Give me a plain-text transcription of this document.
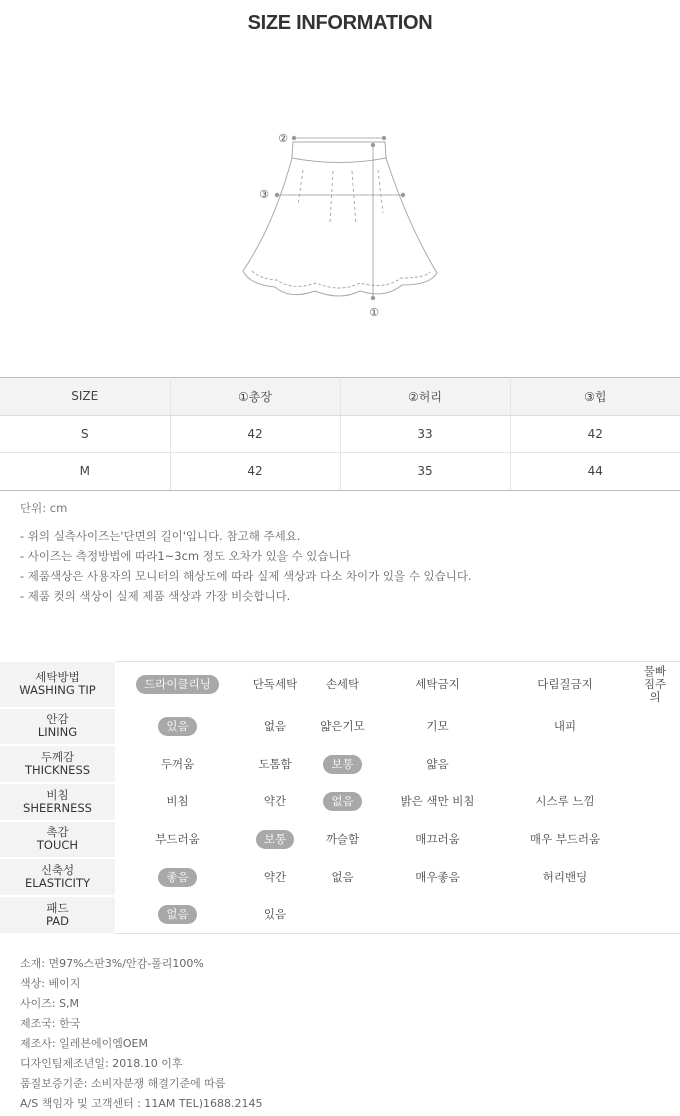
SIZE INFORMATION
②
③
①
SIZE	①총장	②허리	③힙
S	42	33	42
M	42	35	44
단위: cm
- 위의 실측사이즈는'단면의 길이'입니다. 참고해 주세요.
- 사이즈는 측정방법에 따라1~3cm 정도 오차가 있을 수 있습니다
- 제품색상은 사용자의 모니터의 해상도에 따라 실제 색상과 다소 차이가 있을 수 있습니다.
- 제품 컷의 색상이 실제 제품 색상과 가장 비슷합니다.
세탁방법
WASHING TIP	드라이클리닝	단독세탁	손세탁	세탁금지	다림질금지	물빠짐주의

안감
LINING	있음	없음	얇은기모	기모	내피	

두께감
THICKNESS	두꺼움	도톰함	보통	얇음		

비침
SHEERNESS	비침	약간	없음	밝은 색만 비침	시스루 느낌	

촉감
TOUCH	부드러움	보통	까슬함	매끄러움	매우 부드러움	

신축성
ELASTICITY	좋음	약간	없음	매우좋음	허리밴딩	

패드
PAD	없음	있음				
소재: 면97%스판3%/안감-폴리100%
색상: 베이지
사이즈: S,M
제조국: 한국
제조사: 일레븐에이엠OEM
디자인팀제조년일: 2018.10 이후
품질보증기준: 소비자분쟁 해결기준에 따름
A/S 책임자 및 고객센터 : 11AM TEL)1688.2145
